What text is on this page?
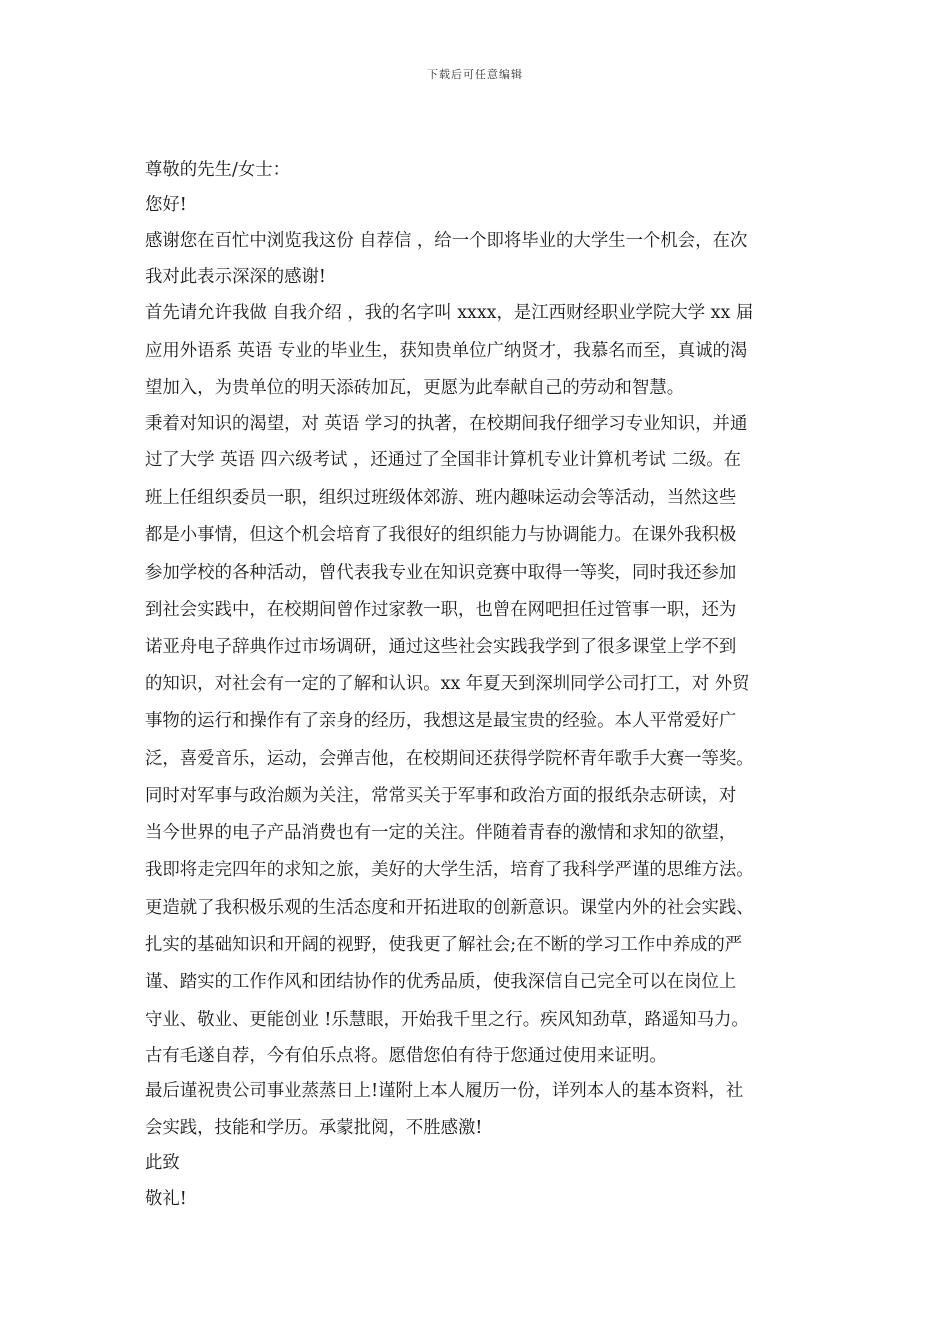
下载后可任意编辑
尊敬的先生/女士：
您好!
感谢您在百忙中浏览我这份 自荐信 ，给一个即将毕业的大学生一个机会，在次
我对此表示深深的感谢!
首先请允许我做 自我介绍 ，我的名字叫 xxxx，是江西财经职业学院大学 xx 届
应用外语系 英语 专业的毕业生，获知贵单位广纳贤才，我慕名而至，真诚的渴
望加入，为贵单位的明天添砖加瓦，更愿为此奉献自己的劳动和智慧。
秉着对知识的渴望，对 英语 学习的执著，在校期间我仔细学习专业知识，并通
过了大学 英语 四六级考试 ，还通过了全国非计算机专业计算机考试 二级。在
班上任组织委员一职，组织过班级体郊游、班内趣味运动会等活动，当然这些
都是小事情，但这个机会培育了我很好的组织能力与协调能力。在课外我积极
参加学校的各种活动，曾代表我专业在知识竞赛中取得一等奖，同时我还参加
到社会实践中，在校期间曾作过家教一职，也曾在网吧担任过管事一职，还为
诺亚舟电子辞典作过市场调研，通过这些社会实践我学到了很多课堂上学不到
的知识，对社会有一定的了解和认识。xx 年夏天到深圳同学公司打工，对 外贸
事物的运行和操作有了亲身的经历，我想这是最宝贵的经验。本人平常爱好广
泛，喜爱音乐，运动，会弹吉他，在校期间还获得学院杯青年歌手大赛一等奖。
同时对军事与政治颇为关注，常常买关于军事和政治方面的报纸杂志研读，对
当今世界的电子产品消费也有一定的关注。伴随着青春的激情和求知的欲望，
我即将走完四年的求知之旅，美好的大学生活，培育了我科学严谨的思维方法。
更造就了我积极乐观的生活态度和开拓进取的创新意识。课堂内外的社会实践、
扎实的基础知识和开阔的视野，使我更了解社会;在不断的学习工作中养成的严
谨、踏实的工作作风和团结协作的优秀品质，使我深信自己完全可以在岗位上
守业、敬业、更能创业 !乐慧眼，开始我千里之行。疾风知劲草，路遥知马力。
古有毛遂自荐，今有伯乐点将。愿借您伯有待于您通过使用来证明。
最后谨祝贵公司事业蒸蒸日上!谨附上本人履历一份，详列本人的基本资料，社
会实践，技能和学历。承蒙批阅，不胜感激!
此致
敬礼!
